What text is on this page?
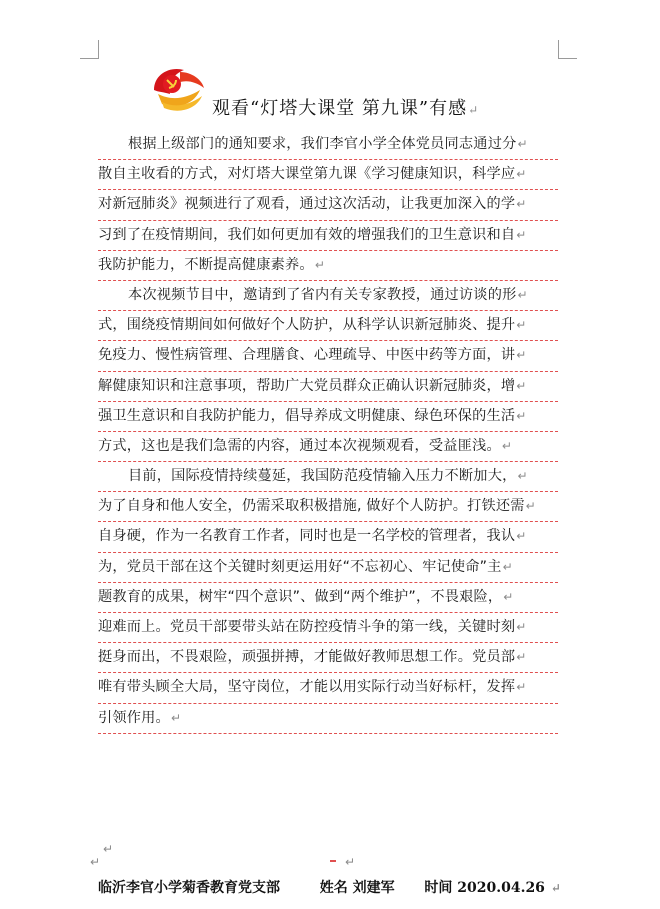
观看“灯塔大课堂 第九课”有感↵
根据上级部门的通知要求，我们李官小学全体党员同志通过分↵
散自主收看的方式，对灯塔大课堂第九课《学习健康知识，科学应↵
对新冠肺炎》视频进行了观看，通过这次活动，让我更加深入的学↵
习到了在疫情期间，我们如何更加有效的增强我们的卫生意识和自↵
我防护能力，不断提高健康素养。↵
本次视频节目中，邀请到了省内有关专家教授，通过访谈的形↵
式，围绕疫情期间如何做好个人防护，从科学认识新冠肺炎、提升↵
免疫力、慢性病管理、合理膳食、心理疏导、中医中药等方面，讲↵
解健康知识和注意事项，帮助广大党员群众正确认识新冠肺炎，增↵
强卫生意识和自我防护能力，倡导养成文明健康、绿色环保的生活↵
方式，这也是我们急需的内容，通过本次视频观看，受益匪浅。↵
目前，国际疫情持续蔓延，我国防范疫情输入压力不断加大，↵
为了自身和他人安全，仍需采取积极措施, 做好个人防护。打铁还需↵
自身硬，作为一名教育工作者，同时也是一名学校的管理者，我认↵
为，党员干部在这个关键时刻更运用好“不忘初心、牢记使命”主↵
题教育的成果，树牢“四个意识”、做到“两个维护”，不畏艰险，↵
迎难而上。党员干部要带头站在防控疫情斗争的第一线，关键时刻↵
挺身而出，不畏艰险，顽强拼搏，才能做好教师思想工作。党员部↵
唯有带头顾全大局，坚守岗位，才能以用实际行动当好标杆，发挥↵
引领作用。↵
↵
↵	↵
临沂李官小学菊香教育党支部	姓名 刘建军 时间 2020.04.26 ↵
